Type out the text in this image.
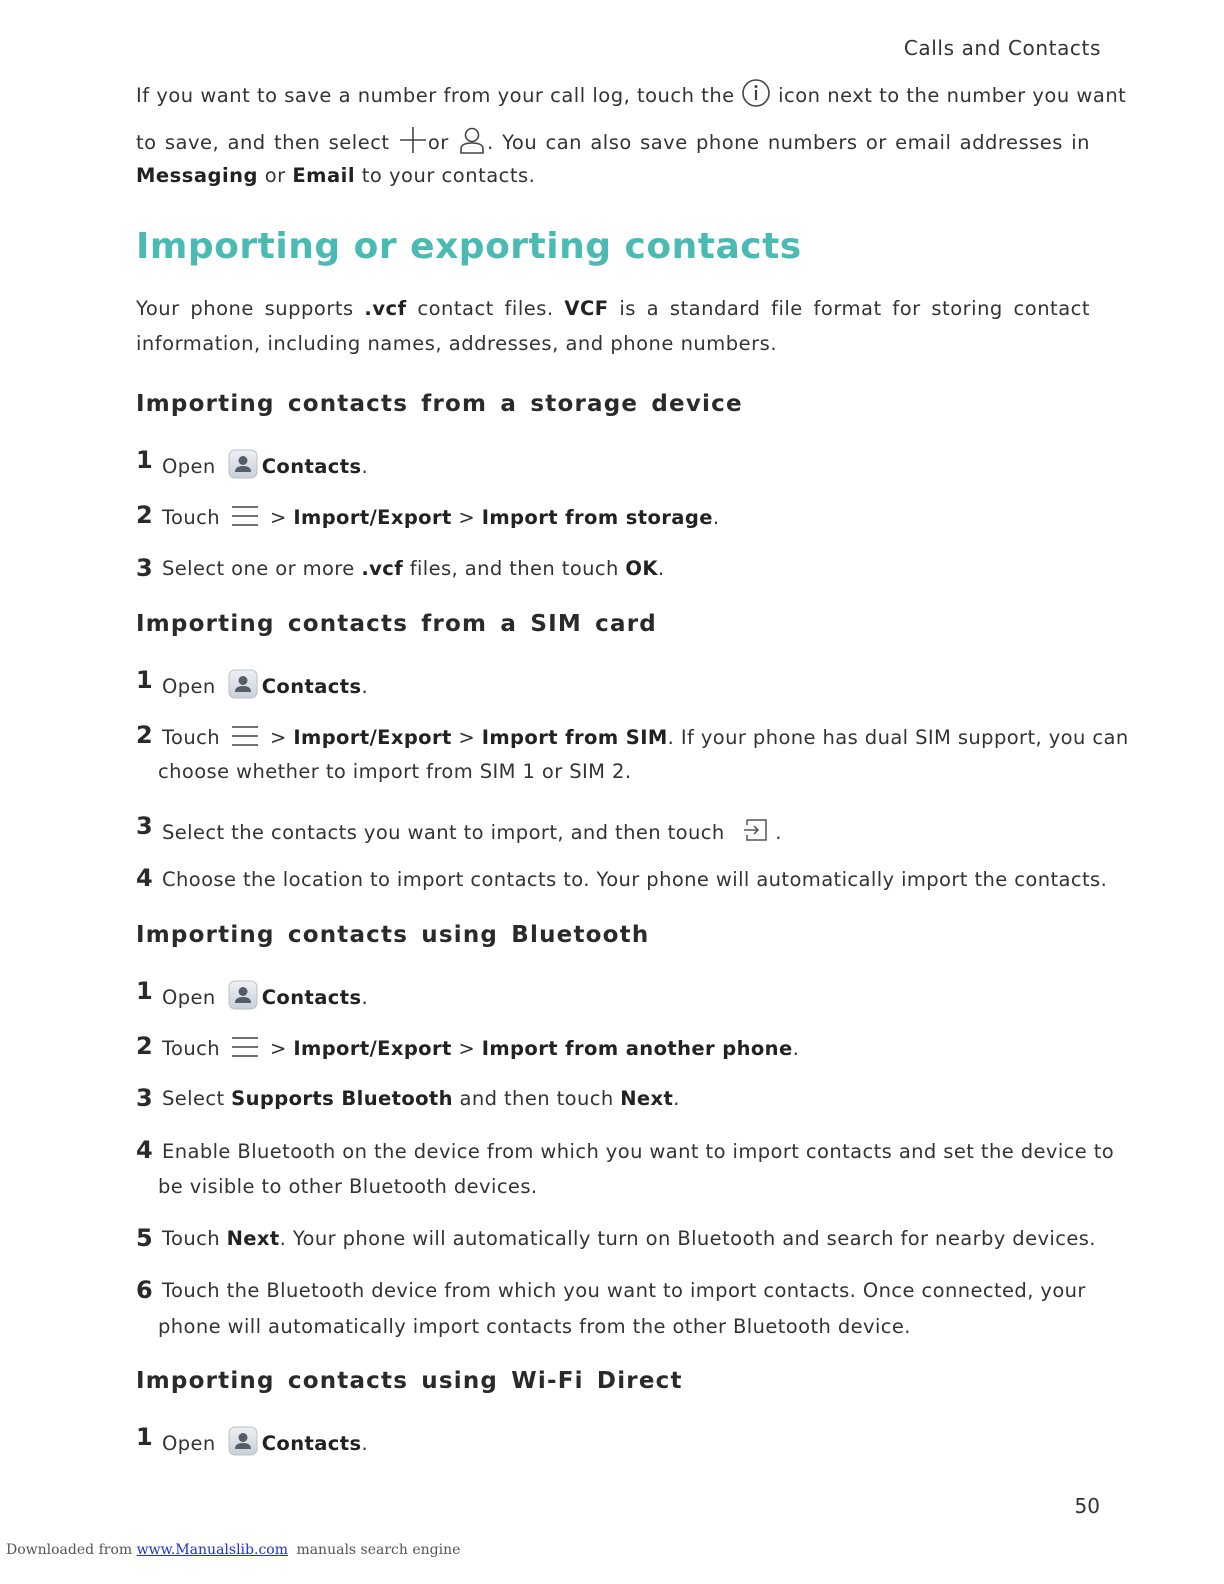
Calls and Contacts
If you want to save a number from your call log, touch the icon next to the number you want
to save, and then select or . You can also save phone numbers or email addresses in
Messaging or Email to your contacts.
Importing or exporting contacts
Your phone supports .vcf contact files. VCF is a standard file format for storing contact
information, including names, addresses, and phone numbers.
Importing contacts from a storage device
1 Open Contacts.
2 Touch	> Import/Export > Import from storage.
3 Select one or more .vcf files, and then touch OK.
Importing contacts from a SIM card
1 Open Contacts.
2 Touch	> Import/Export > Import from SIM. If your phone has dual SIM support, you can
choose whether to import from SIM 1 or SIM 2.
3 Select the contacts you want to import, and then touch	.
4 Choose the location to import contacts to. Your phone will automatically import the contacts.
Importing contacts using Bluetooth
1 Open Contacts.
2 Touch	> Import/Export > Import from another phone.
3 Select Supports Bluetooth and then touch Next.
4 Enable Bluetooth on the device from which you want to import contacts and set the device to
be visible to other Bluetooth devices.
5 Touch Next. Your phone will automatically turn on Bluetooth and search for nearby devices.
6 Touch the Bluetooth device from which you want to import contacts. Once connected, your
phone will automatically import contacts from the other Bluetooth device.
Importing contacts using Wi-Fi Direct
1 Open Contacts.
50
Downloaded from www.Manualslib.com manuals search engine
